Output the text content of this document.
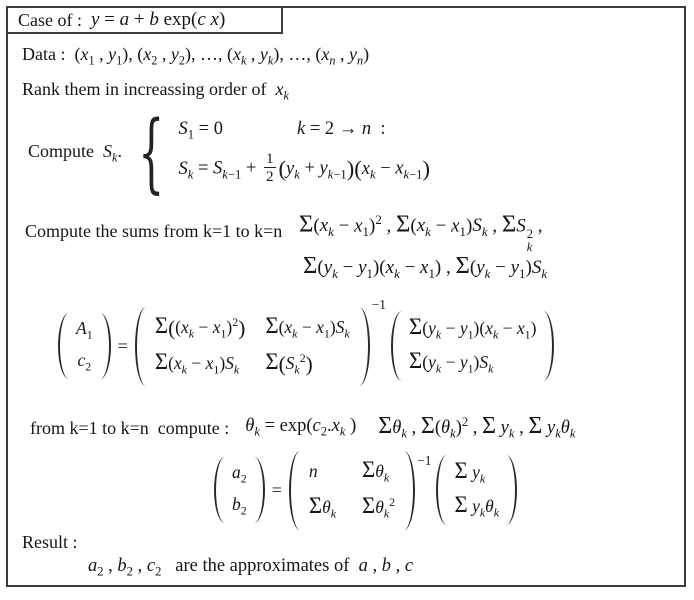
Case of : y = a + b exp(c x)
Data :  ($x_1$ , $y_1$), ($x_2$ , $y_2$), …, ($x_k$ , $y_k$), …, ($x_n$ , $y_n$)
Rank them in increassing order of  $x_k$
Compute  $S_k$. { $S_1 = 0$	k = 2 → n  :
$S_k = S_{k-1} + \frac{1}{2} (y_k + y_{k-1})(x_k - x_{k-1})$
Compute the sums from k=1 to k=n $\Sigma(x_k - x_1)^2$ , $\Sigma(x_k - x_1)S_k$ , ΣS 2
k
,
$\Sigma(y_k - y_1)(x_k - x_1)$ , $\Sigma(y_k - y_1)S_k$
$A_1$
$c_2$
=
$\Sigma((x_k - x_1)^2) \Sigma(x_k - x_1)S_k$
$\Sigma(x_k - x_1)S_k$ $\Sigma(S_k^2)$
−1
$\Sigma(y_k - y_1)(x_k - x_1)$
$\Sigma(y_k - y_1)S_k$
from k=1 to k=n  compute : $\theta_k = \exp(c_2.x_k$ ) $\Sigma\theta_k$ , $\Sigma(\theta_k)^2$ , Σ $y_k$ , Σ $y_k\theta_k$
$a_2$
$b_2$
=
n $\Sigma\theta_k$
$\Sigma\theta_k$ $\Sigma\theta_k^2$
−1 Σ $y_k$
Σ $y_k\theta_k$
Result :
$a_2$ , $b_2$ , $c_2$   are the approximates of  a , b , c
